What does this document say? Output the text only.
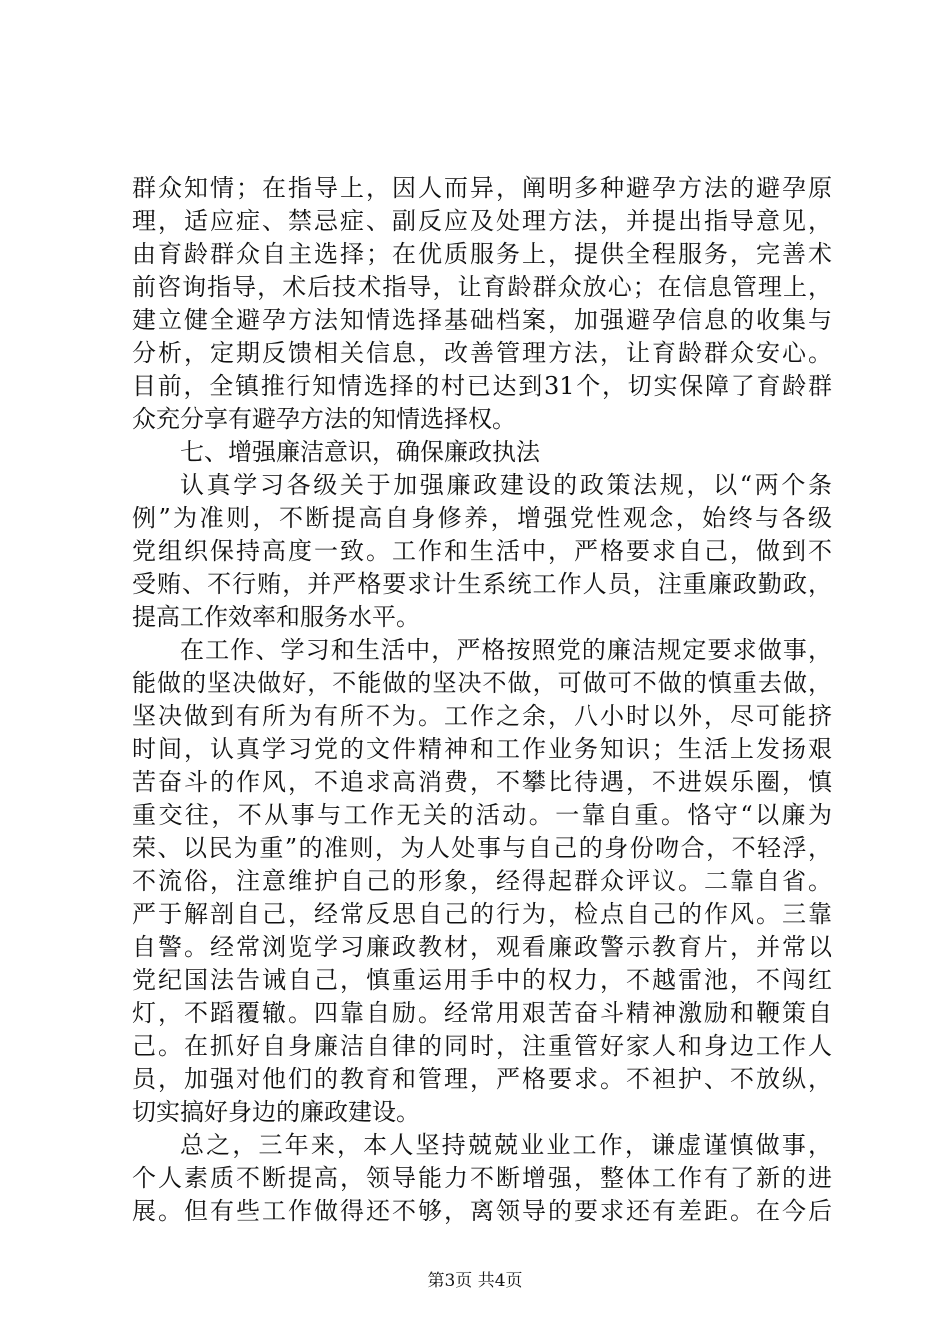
群众知情；在指导上，因人而异，阐明多种避孕方法的避孕原
理，适应症、禁忌症、副反应及处理方法，并提出指导意见，
由育龄群众自主选择；在优质服务上，提供全程服务，完善术
前咨询指导，术后技术指导，让育龄群众放心；在信息管理上，
建立健全避孕方法知情选择基础档案，加强避孕信息的收集与
分析，定期反馈相关信息，改善管理方法，让育龄群众安心。
目前，全镇推行知情选择的村已达到31个，切实保障了育龄群
众充分享有避孕方法的知情选择权。
七、增强廉洁意识，确保廉政执法
认真学习各级关于加强廉政建设的政策法规，以“两个条
例”为准则，不断提高自身修养，增强党性观念，始终与各级
党组织保持高度一致。工作和生活中，严格要求自己，做到不
受贿、不行贿，并严格要求计生系统工作人员，注重廉政勤政，
提高工作效率和服务水平。
在工作、学习和生活中，严格按照党的廉洁规定要求做事，
能做的坚决做好，不能做的坚决不做，可做可不做的慎重去做，
坚决做到有所为有所不为。工作之余，八小时以外，尽可能挤
时间，认真学习党的文件精神和工作业务知识；生活上发扬艰
苦奋斗的作风，不追求高消费，不攀比待遇，不进娱乐圈，慎
重交往，不从事与工作无关的活动。一靠自重。恪守“以廉为
荣、以民为重”的准则，为人处事与自己的身份吻合，不轻浮，
不流俗，注意维护自己的形象，经得起群众评议。二靠自省。
严于解剖自己，经常反思自己的行为，检点自己的作风。三靠
自警。经常浏览学习廉政教材，观看廉政警示教育片，并常以
党纪国法告诫自己，慎重运用手中的权力，不越雷池，不闯红
灯，不蹈覆辙。四靠自励。经常用艰苦奋斗精神激励和鞭策自
己。在抓好自身廉洁自律的同时，注重管好家人和身边工作人
员，加强对他们的教育和管理，严格要求。不袒护、不放纵，
切实搞好身边的廉政建设。
总之，三年来，本人坚持兢兢业业工作，谦虚谨慎做事，
个人素质不断提高，领导能力不断增强，整体工作有了新的进
展。但有些工作做得还不够，离领导的要求还有差距。在今后
第3页 共4页
